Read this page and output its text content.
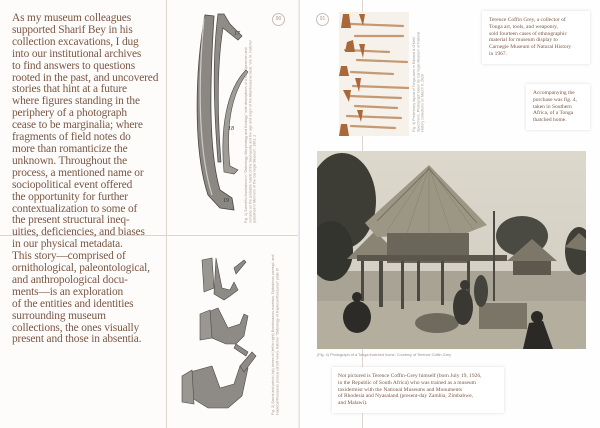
As my museum colleagues
supported Sharif Bey in his
collection excavations, I dug
into our institutional archives
to find answers to questions
rooted in the past, and uncovered
stories that hint at a future
where figures standing in the
periphery of a photograph
cease to be marginalia; where
fragments of field notes do
more than romanticize the
unknown. Throughout the
process, a mentioned name or
sociopolitical event offered
the opportunity for further
contextualization to some of
the present structural ineq-
uities, deficiencies, and biases
in our physical metadata.
This story—comprised of
ornithological, paleontological,
and anthropological docu-
ments—is an exploration
of the entities and identities
surrounding museum
collections, the ones visually
present and those in absentia.
17
18
19	Fig. 1) Scientific illustrations in "Osteology, Morphology and Ecology" with descriptions of a new Specimen and remarks on the probable habits of the Sauropoda and the age and origin of the Atlantosaurus beds. Vol. III. Hatcher published in Memoirs of the Carnegie Museum. 1901, 2
90
Fig. 2) Sacral and pelvic (hip) bones of (left to right) Brontosaurus excelsus, Diplodocus carnegii, and Haplocanthosaurus priscus (at left view), Hatcher "Osteology of Haplocanthosaurus" plate IV
91
Fig. 3) Preliminary layout of Tonga axes in Edward & O'Neill Specimens. Photograph taken by Carnegie Museum of Natural History collections on March 6, 2020
Terence Coffin Grey, a collector of
Tonga art, tools, and weaponry,
sold fourteen cases of ethnographic
material for museum display to
Carnegie Museum of Natural History
in 1967.
Accompanying the
purchase was fig. 4,
taken in Southern
Africa, of a Tonga
thatched home.
(Fig. 4) Photograph of a Tonga thatched home. Courtesy of Terence Coffin-Grey
Not pictured is Terence Coffin-Grey himself (born July 19, 1926,
in the Republic of South Africa) who was trained as a museum
taxidermist with the National Museums and Monuments
of Rhodesia and Nyasaland (present-day Zambia, Zimbabwe,
and Malawi).
